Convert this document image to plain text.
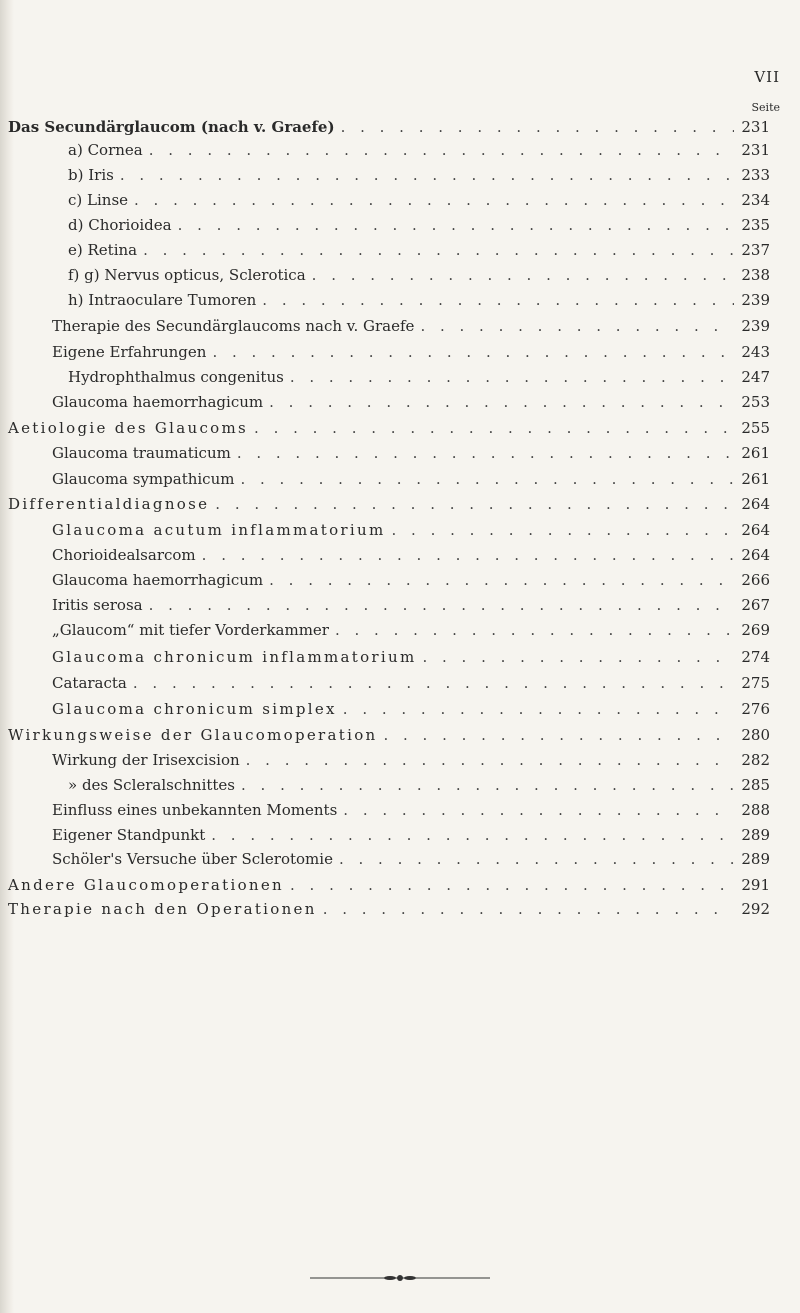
VII
Seite
Das Secundärglaucom (nach v. Graefe) . . .	231
a) Cornea . . .	231
b) Iris . . .	233
c) Linse . . .	234
d) Chorioidea . . .	235
e) Retina . . .	237
f) g) Nervus opticus, Sclerotica . . .	238
h) Intraoculare Tumoren . . .	239
Therapie des Secundärglaucoms nach v. Graefe . . .	239
Eigene Erfahrungen . . .	243
Hydrophthalmus congenitus . . .	247
Glaucoma haemorrhagicum . . .	253
Aetiologie des Glaucoms . . .	255
Glaucoma traumaticum . . .	261
Glaucoma sympathicum . . .	261
Differentialdiagnose . . .	264
Glaucoma acutum inflammatorium . . .	264
Chorioidealsarcom . . .	264
Glaucoma haemorrhagicum . . .	266
Iritis serosa . . .	267
„Glaucom“ mit tiefer Vorderkammer . . .	269
Glaucoma chronicum inflammatorium . . .	274
Cataracta . . .	275
Glaucoma chronicum simplex . . .	276
Wirkungsweise der Glaucomoperation . . .	280
Wirkung der Irisexcision . . .	282
» des Scleralschnittes . . .	285
Einfluss eines unbekannten Moments . . .	288
Eigener Standpunkt . . .	289
Schöler's Versuche über Sclerotomie . . .	289
Andere Glaucomoperationen . . .	291
Therapie nach den Operationen . . .	292
